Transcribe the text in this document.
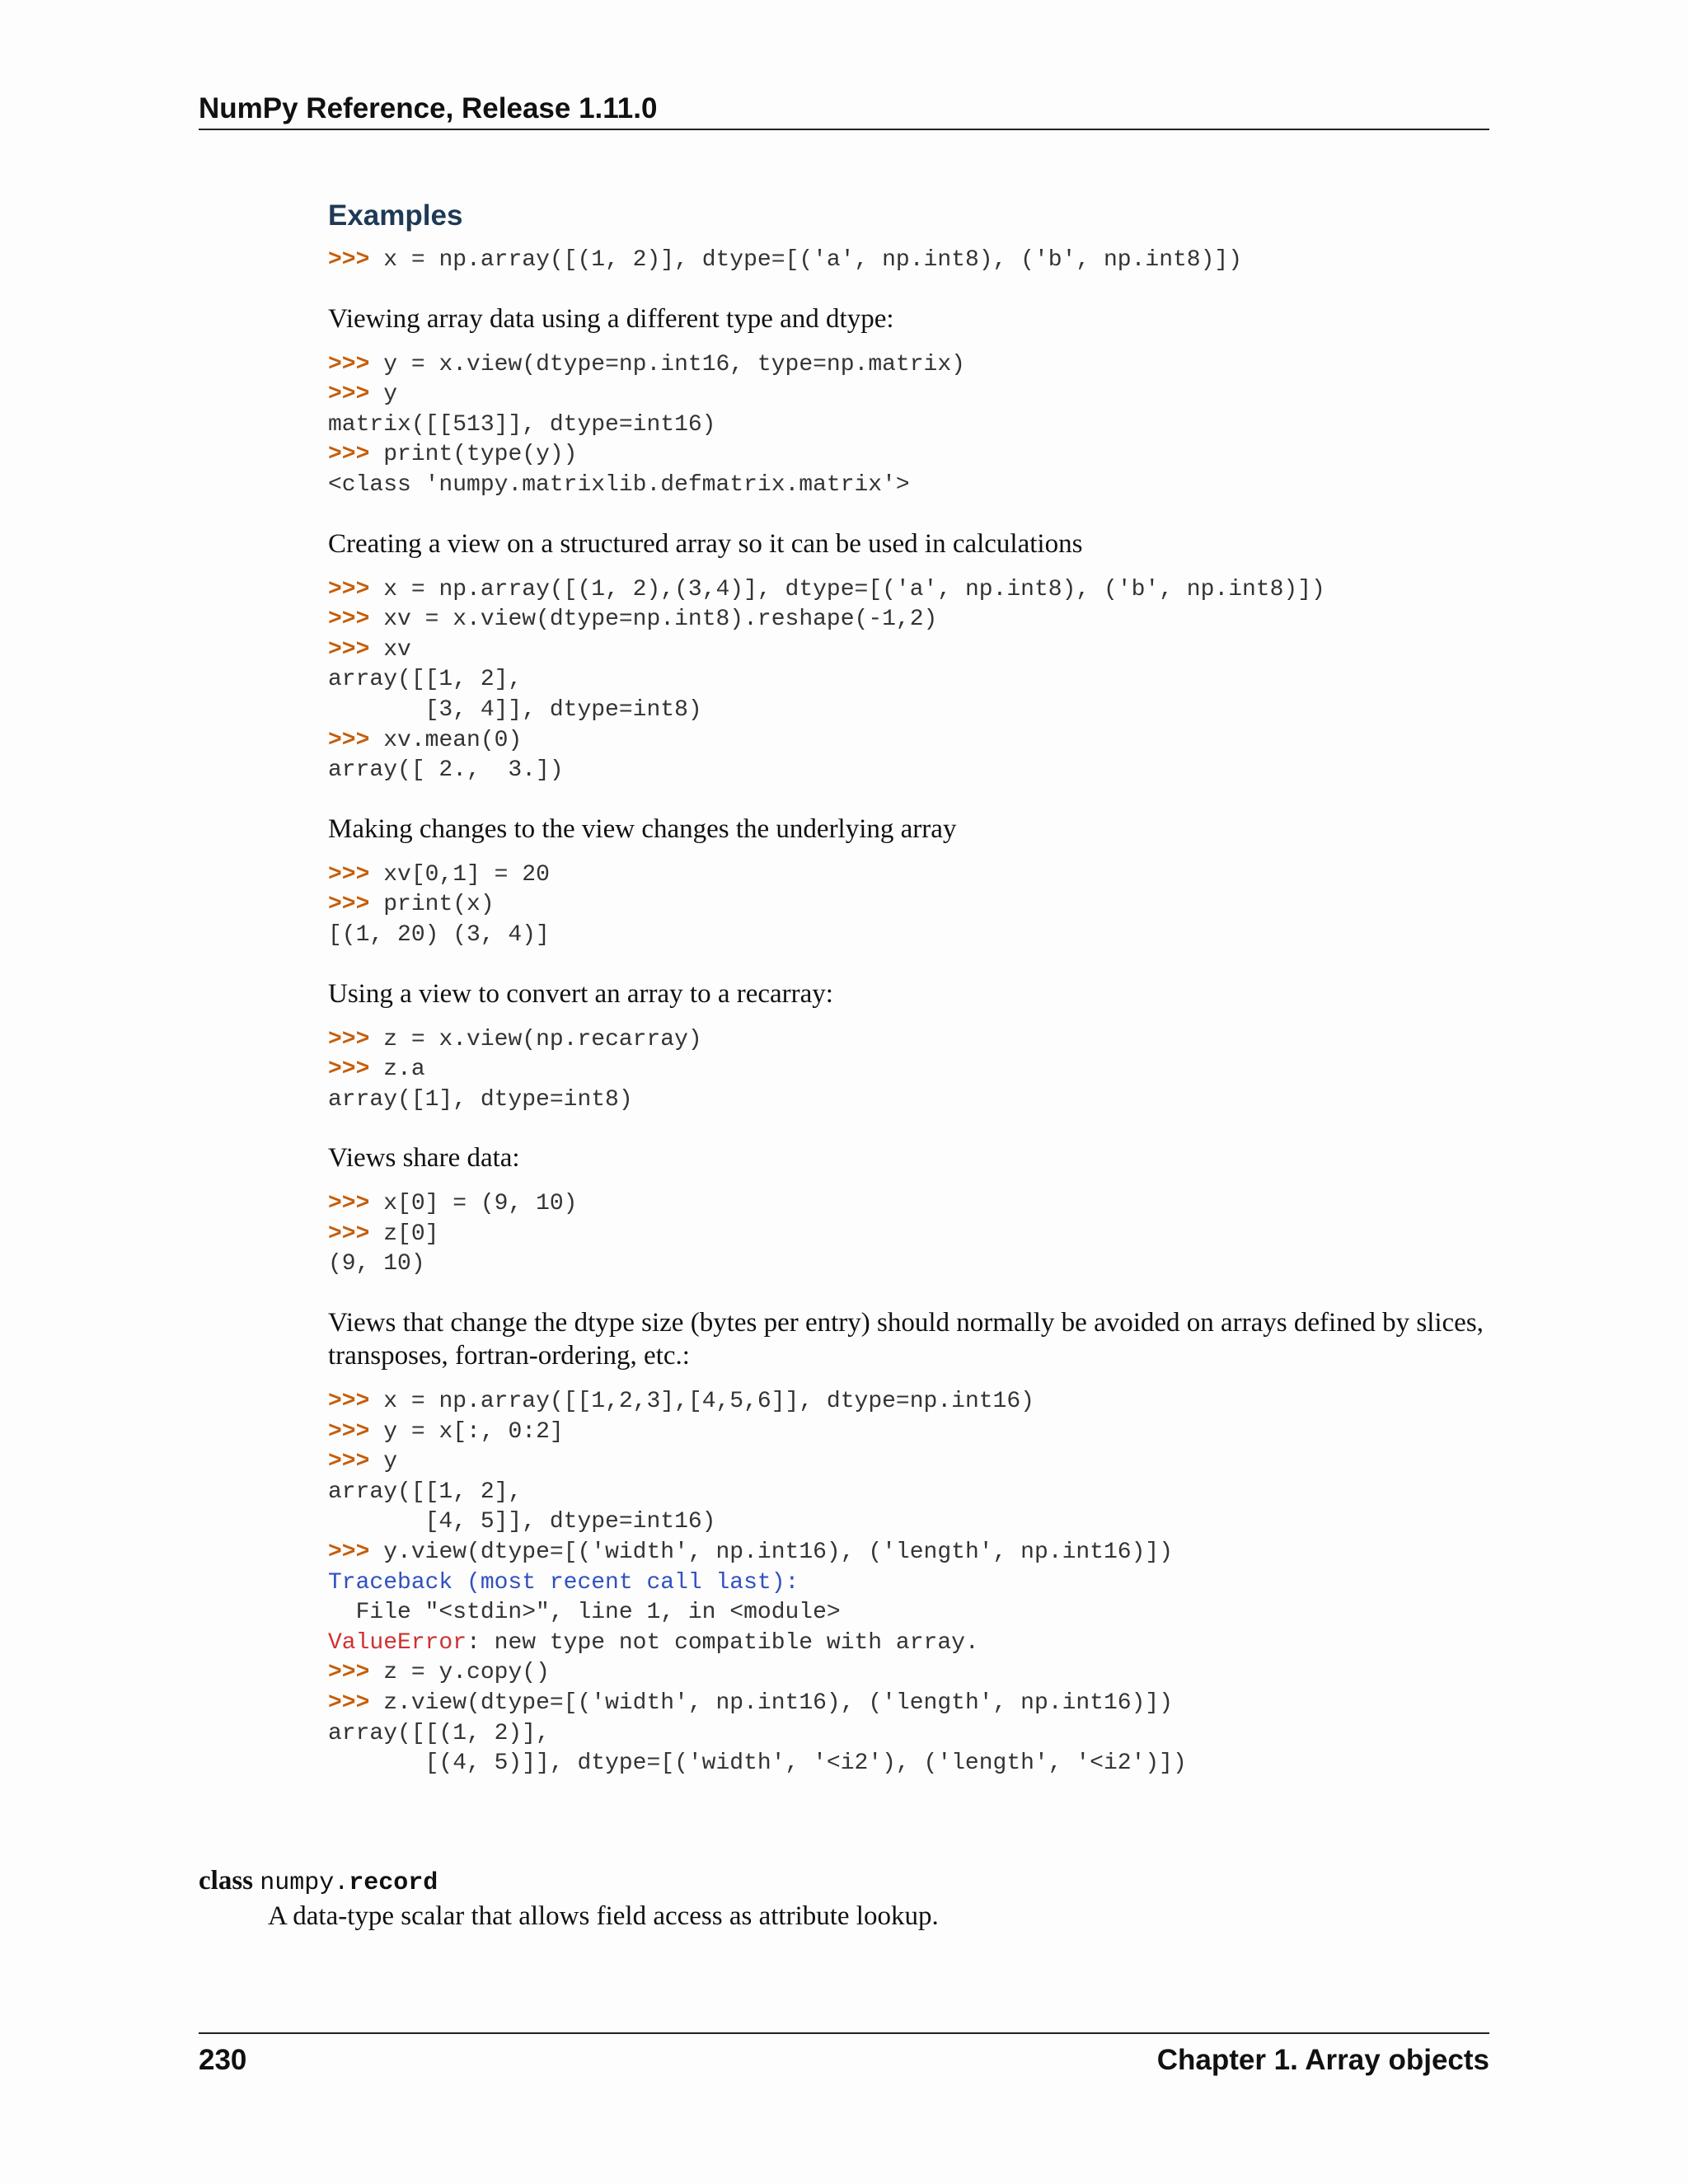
NumPy Reference, Release 1.11.0
Examples
>>> x = np.array([(1, 2)], dtype=[('a', np.int8), ('b', np.int8)])
Viewing array data using a different type and dtype:
>>> y = x.view(dtype=np.int16, type=np.matrix)
>>> y
matrix([[513]], dtype=int16)
>>> print(type(y))
<class 'numpy.matrixlib.defmatrix.matrix'>
Creating a view on a structured array so it can be used in calculations
>>> x = np.array([(1, 2),(3,4)], dtype=[('a', np.int8), ('b', np.int8)])
>>> xv = x.view(dtype=np.int8).reshape(-1,2)
>>> xv
array([[1, 2],
[3, 4]], dtype=int8)
>>> xv.mean(0)
array([ 2.,  3.])
Making changes to the view changes the underlying array
>>> xv[0,1] = 20
>>> print(x)
[(1, 20) (3, 4)]
Using a view to convert an array to a recarray:
>>> z = x.view(np.recarray)
>>> z.a
array([1], dtype=int8)
Views share data:
>>> x[0] = (9, 10)
>>> z[0]
(9, 10)
Views that change the dtype size (bytes per entry) should normally be avoided on arrays defined by slices, transposes, fortran-ordering, etc.:
>>> x = np.array([[1,2,3],[4,5,6]], dtype=np.int16)
>>> y = x[:, 0:2]
>>> y
array([[1, 2],
[4, 5]], dtype=int16)
>>> y.view(dtype=[('width', np.int16), ('length', np.int16)])
Traceback (most recent call last):
File "<stdin>", line 1, in <module>
ValueError: new type not compatible with array.
>>> z = y.copy()
>>> z.view(dtype=[('width', np.int16), ('length', np.int16)])
array([[(1, 2)],
[(4, 5)]], dtype=[('width', '<i2'), ('length', '<i2')])
class numpy.record
A data-type scalar that allows field access as attribute lookup.
230	Chapter 1. Array objects
